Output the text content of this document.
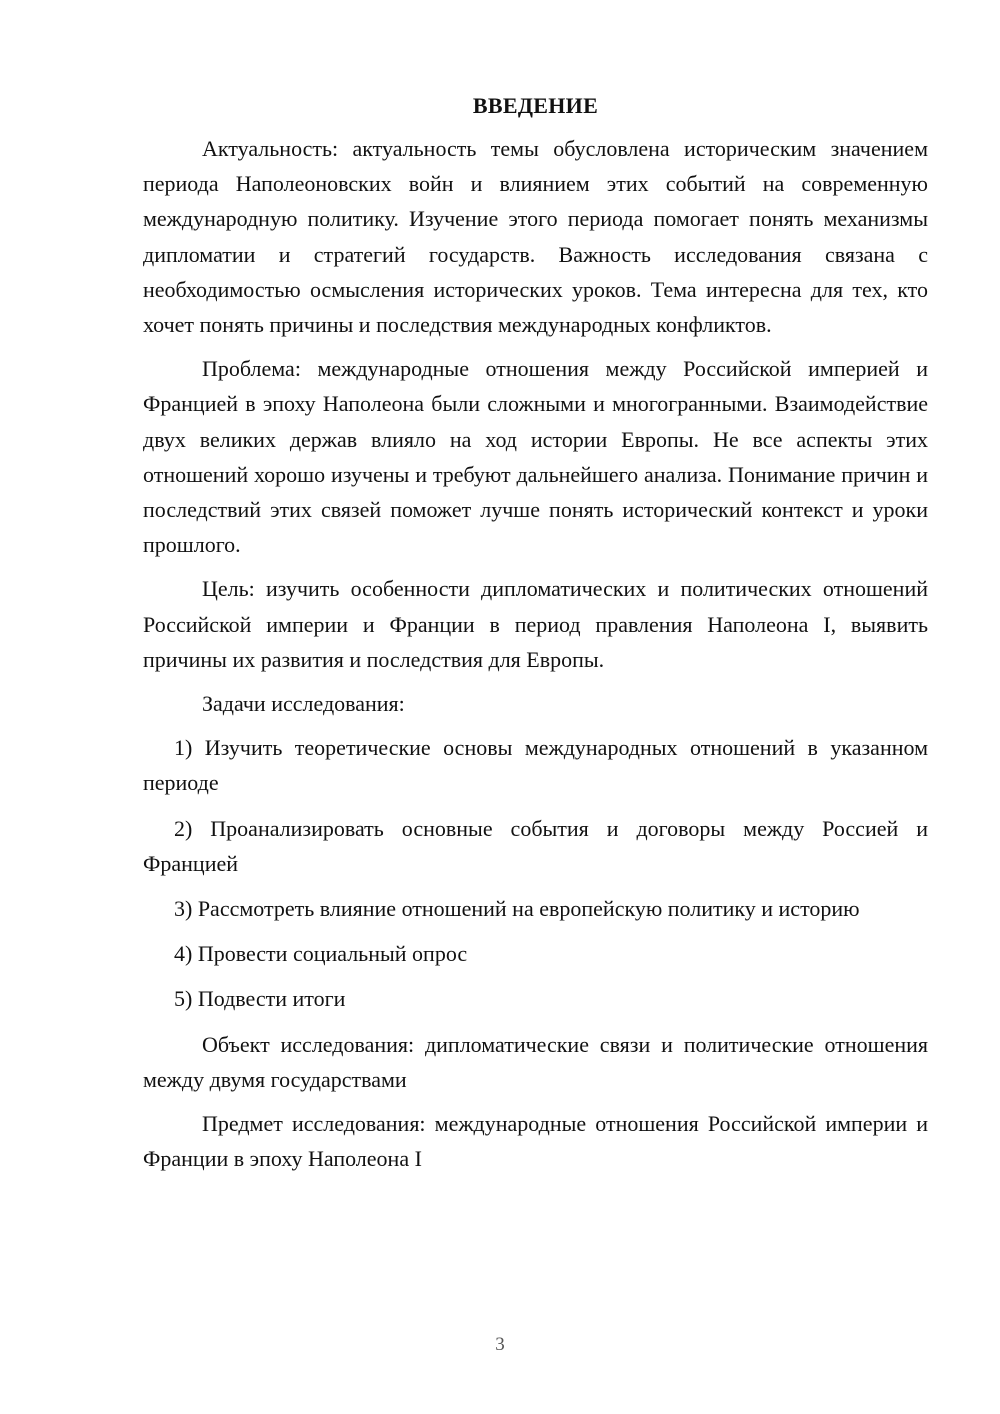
ВВЕДЕНИЕ

Актуальность: актуальность темы обусловлена историческим значением периода Наполеоновских войн и влиянием этих событий на современную международную политику. Изучение этого периода помогает понять механизмы дипломатии и стратегий государств. Важность исследования связана с необходимостью осмысления исторических уроков. Тема интересна для тех, кто хочет понять причины и последствия международных конфликтов.

Проблема: международные отношения между Российской империей и Францией в эпоху Наполеона были сложными и многогранными. Взаимодействие двух великих держав влияло на ход истории Европы. Не все аспекты этих отношений хорошо изучены и требуют дальнейшего анализа. Понимание причин и последствий этих связей поможет лучше понять исторический контекст и уроки прошлого.

Цель: изучить особенности дипломатических и политических отношений Российской империи и Франции в период правления Наполеона I, выявить причины их развития и последствия для Европы.

Задачи исследования:

1) Изучить теоретические основы международных отношений в указанном периоде

2) Проанализировать основные события и договоры между Россией и Францией

3) Рассмотреть влияние отношений на европейскую политику и историю

4) Провести социальный опрос

5) Подвести итоги

Объект исследования: дипломатические связи и политические отношения между двумя государствами

Предмет исследования: международные отношения Российской империи и Франции в эпоху Наполеона I

3
